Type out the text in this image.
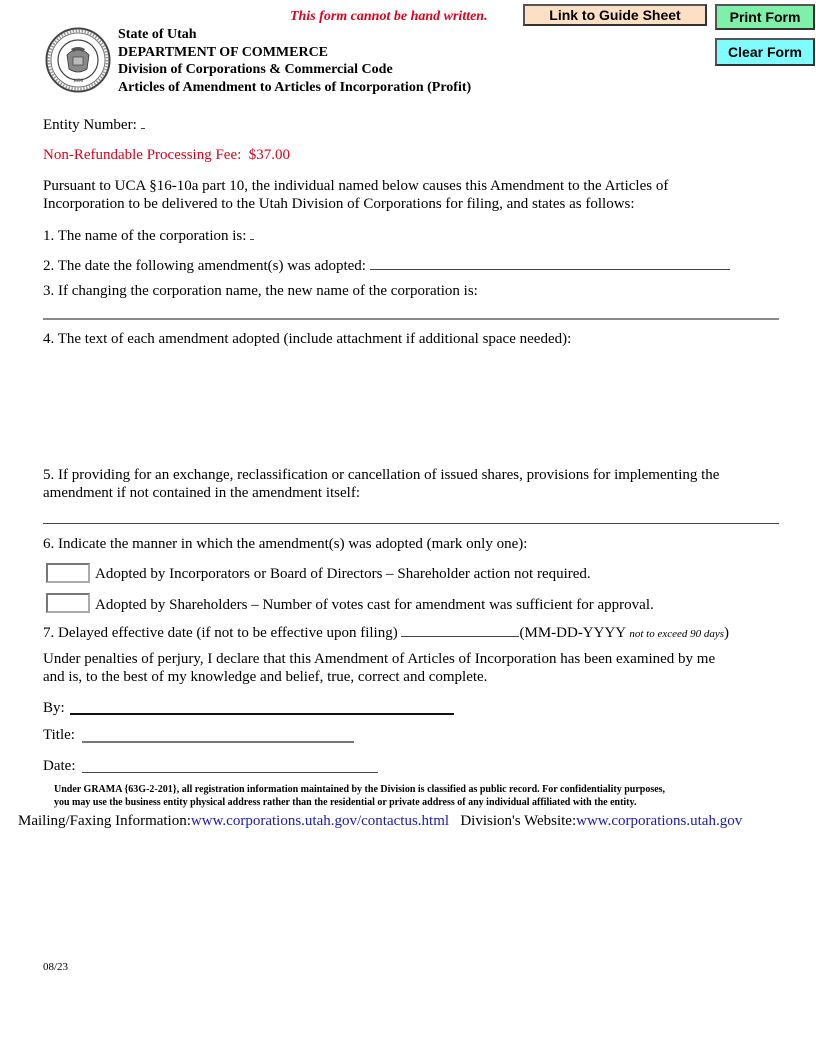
This form cannot be hand written.	Link to Guide Sheet	Print Form
Clear Form
1896
State of Utah
DEPARTMENT OF COMMERCE
Division of Corporations & Commercial Code
Articles of Amendment to Articles of Incorporation (Profit)
Entity Number:
Non-Refundable Processing Fee: $37.00
Pursuant to UCA §16-10a part 10, the individual named below causes this Amendment to the Articles of
Incorporation to be delivered to the Utah Division of Corporations for filing, and states as follows:
1. The name of the corporation is:
2. The date the following amendment(s) was adopted:
3. If changing the corporation name, the new name of the corporation is:
4. The text of each amendment adopted (include attachment if additional space needed):
5. If providing for an exchange, reclassification or cancellation of issued shares, provisions for implementing the
amendment if not contained in the amendment itself:
6. Indicate the manner in which the amendment(s) was adopted (mark only one):
Adopted by Incorporators or Board of Directors – Shareholder action not required.
Adopted by Shareholders – Number of votes cast for amendment was sufficient for approval.
7. Delayed effective date (if not to be effective upon filing)	(MM-DD-YYYY not to exceed 90 days)
Under penalties of perjury, I declare that this Amendment of Articles of Incorporation has been examined by me
and is, to the best of my knowledge and belief, true, correct and complete.
By:
Title:
Date:
Under GRAMA {63G-2-201}, all registration information maintained by the Division is classified as public record. For confidentiality purposes,
you may use the business entity physical address rather than the residential or private address of any individual affiliated with the entity.
Mailing/Faxing Information:www.corporations.utah.gov/contactus.html Division's Website:www.corporations.utah.gov
08/23
